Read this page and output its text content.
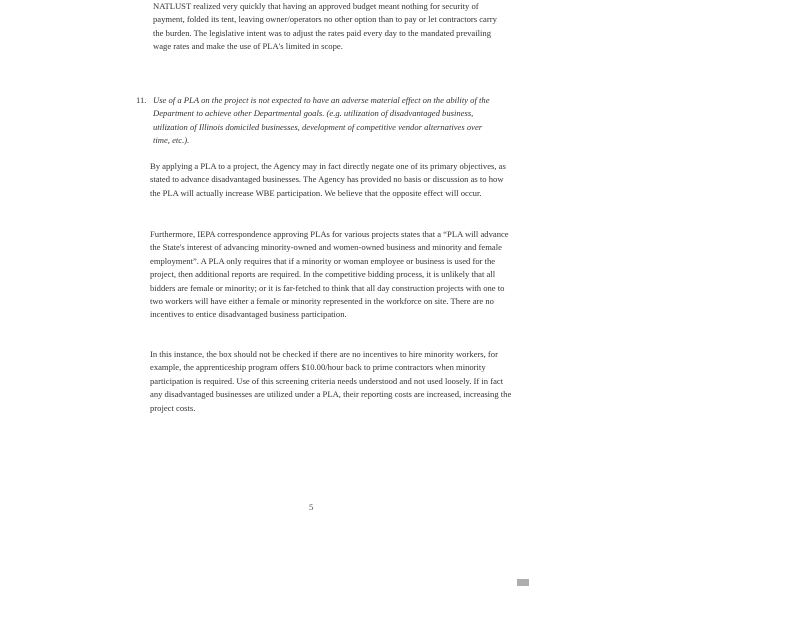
NATLUST realized very quickly that having an approved budget meant nothing for security of payment, folded its tent, leaving owner/operators no other option than to pay or let contractors carry the burden. The legislative intent was to adjust the rates paid every day to the mandated prevailing wage rates and make the use of PLA's limited in scope.

11. Use of a PLA on the project is not expected to have an adverse material effect on the ability of the Department to achieve other Departmental goals. (e.g. utilization of disadvantaged business, utilization of Illinois domiciled businesses, development of competitive vendor alternatives over time, etc.).

By applying a PLA to a project, the Agency may in fact directly negate one of its primary objectives, as stated to advance disadvantaged businesses. The Agency has provided no basis or discussion as to how the PLA will actually increase WBE participation. We believe that the opposite effect will occur.

Furthermore, IEPA correspondence approving PLAs for various projects states that a “PLA will advance the State's interest of advancing minority-owned and women-owned business and minority and female employment”. A PLA only requires that if a minority or woman employee or business is used for the project, then additional reports are required. In the competitive bidding process, it is unlikely that all bidders are female or minority; or it is far-fetched to think that all day construction projects with one to two workers will have either a female or minority represented in the workforce on site. There are no incentives to entice disadvantaged business participation.

In this instance, the box should not be checked if there are no incentives to hire minority workers, for example, the apprenticeship program offers $10.00/hour back to prime contractors when minority participation is required. Use of this screening criteria needs understood and not used loosely. If in fact any disadvantaged businesses are utilized under a PLA, their reporting costs are increased, increasing the project costs.

5
